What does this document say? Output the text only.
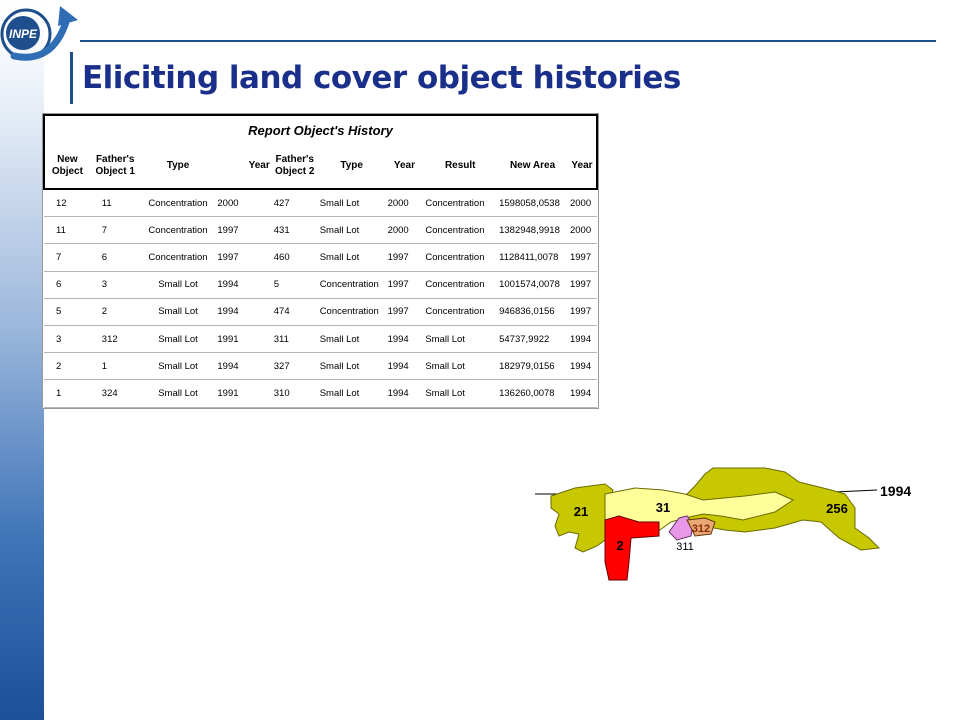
INPE
Eliciting land cover object histories
Report Object's History									
New Object	Father's Object 1	Type	Year	Father's Object 2	Type	Year	Result	New Area	Year
12	11	Concentration	2000	427	Small Lot	2000	Concentration	1598058,0538	2000
11	7	Concentration	1997	431	Small Lot	2000	Concentration	1382948,9918	2000
7	6	Concentration	1997	460	Small Lot	1997	Concentration	1128411,0078	1997
6	3	Small Lot	1994	5	Concentration	1997	Concentration	1001574,0078	1997
5	2	Small Lot	1994	474	Concentration	1997	Concentration	946836,0156	1997
3	312	Small Lot	1991	311	Small Lot	1994	Small Lot	54737,9922	1994
2	1	Small Lot	1994	327	Small Lot	1994	Small Lot	182979,0156	1994
1	324	Small Lot	1991	310	Small Lot	1994	Small Lot	136260,0078	1994
21	31	256
2
312
311
1994
